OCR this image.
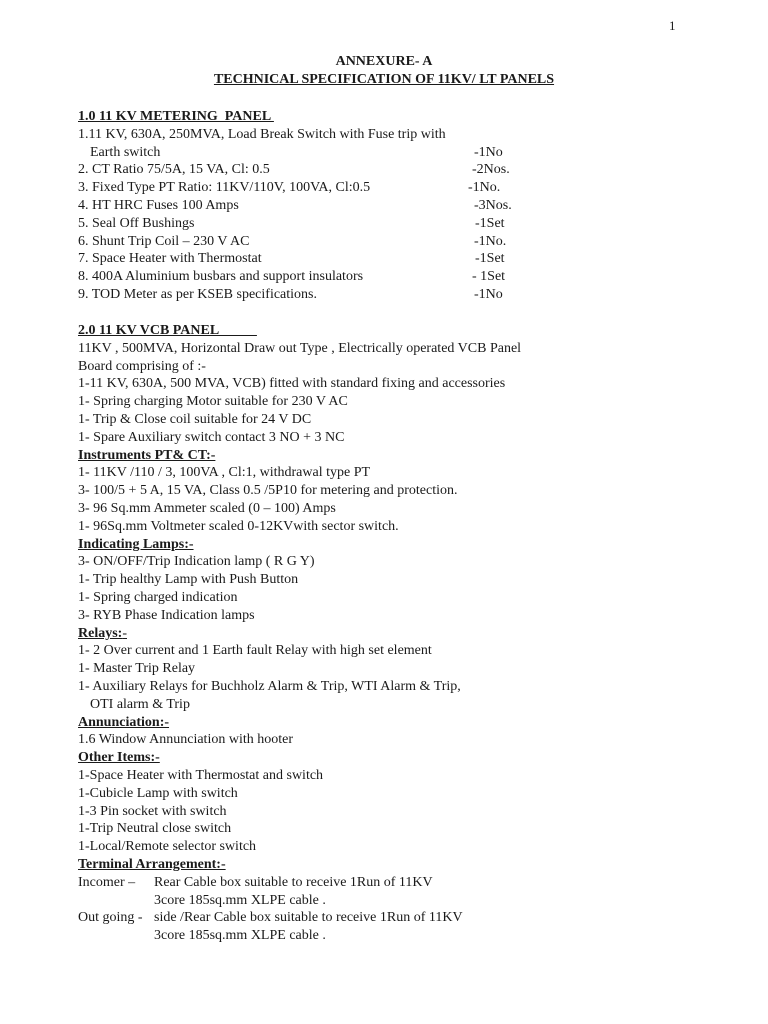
1
ANNEXURE- A
TECHNICAL SPECIFICATION OF 11KV/ LT PANELS
1.0 11 KV METERING  PANEL
1.11 KV, 630A, 250MVA, Load Break Switch with Fuse trip with
Earth switch	-1No
2. CT Ratio 75/5A, 15 VA, Cl: 0.5	-2Nos.
3. Fixed Type PT Ratio: 11KV/110V, 100VA, Cl:0.5	-1No.
4. HT HRC Fuses 100 Amps	-3Nos.
5. Seal Off Bushings	-1Set
6. Shunt Trip Coil – 230 V AC	-1No.
7. Space Heater with Thermostat	-1Set
8. 400A Aluminium busbars and support insulators	- 1Set
9. TOD Meter as per KSEB specifications.	-1No
2.0 11 KV VCB PANEL
11KV , 500MVA, Horizontal Draw out Type , Electrically operated VCB Panel
Board comprising of :-
1-11 KV, 630A, 500 MVA, VCB) fitted with standard fixing and accessories
1- Spring charging Motor suitable for 230 V AC
1- Trip & Close coil suitable for 24 V DC
1- Spare Auxiliary switch contact 3 NO + 3 NC
Instruments PT& CT:-
1- 11KV /110 / 3, 100VA , Cl:1, withdrawal type PT
3- 100/5 + 5 A, 15 VA, Class 0.5 /5P10 for metering and protection.
3- 96 Sq.mm Ammeter scaled (0 – 100) Amps
1- 96Sq.mm Voltmeter scaled 0-12KVwith sector switch.
Indicating Lamps:-
3- ON/OFF/Trip Indication lamp ( R G Y)
1- Trip healthy Lamp with Push Button
1- Spring charged indication
3- RYB Phase Indication lamps
Relays:-
1- 2 Over current and 1 Earth fault Relay with high set element
1- Master Trip Relay
1- Auxiliary Relays for Buchholz Alarm & Trip, WTI Alarm & Trip,
OTI alarm & Trip
Annunciation:-
1.6 Window Annunciation with hooter
Other Items:-
1-Space Heater with Thermostat and switch
1-Cubicle Lamp with switch
1-3 Pin socket with switch
1-Trip Neutral close switch
1-Local/Remote selector switch
Terminal Arrangement:-
Incomer – Rear Cable box suitable to receive 1Run of 11KV
3core 185sq.mm XLPE cable .
Out going - side /Rear Cable box suitable to receive 1Run of 11KV
3core 185sq.mm XLPE cable .
